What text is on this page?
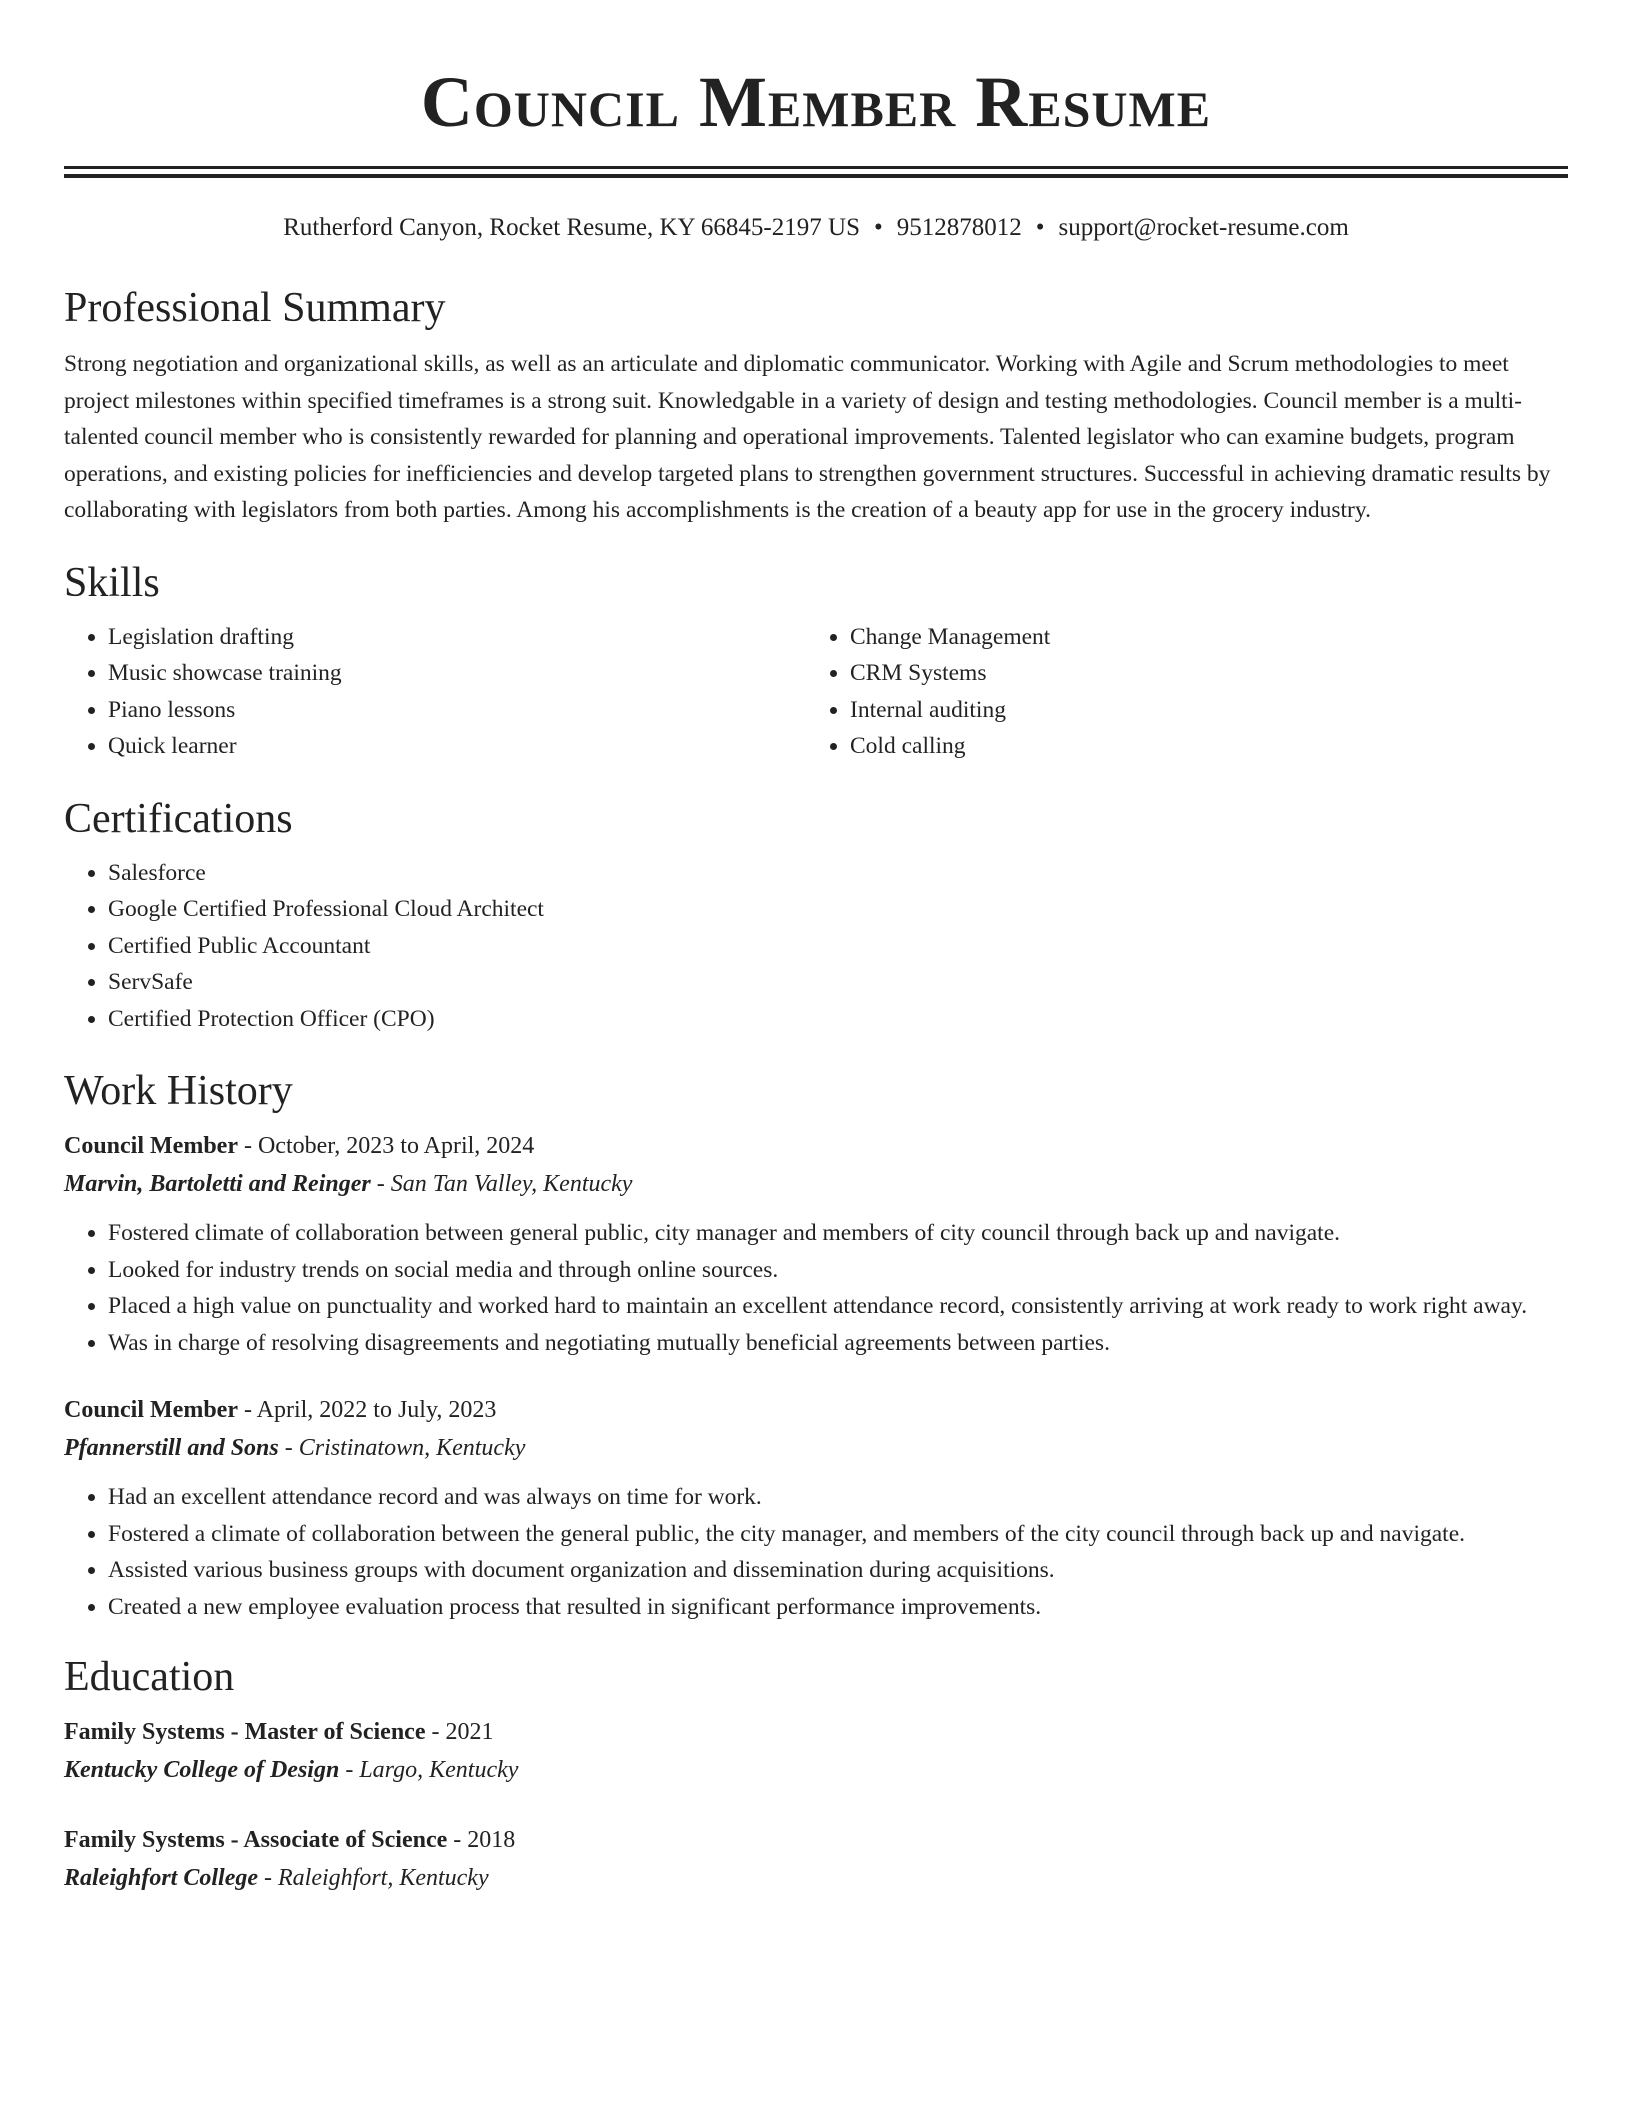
Council Member Resume
Rutherford Canyon, Rocket Resume, KY 66845-2197 US • 9512878012 • support@rocket-resume.com
Professional Summary

Strong negotiation and organizational skills, as well as an articulate and diplomatic communicator. Working with Agile and Scrum methodologies to meet project milestones within specified timeframes is a strong suit. Knowledgable in a variety of design and testing methodologies. Council member is a multi-talented council member who is consistently rewarded for planning and operational improvements. Talented legislator who can examine budgets, program operations, and existing policies for inefficiencies and develop targeted plans to strengthen government structures. Successful in achieving dramatic results by collaborating with legislators from both parties. Among his accomplishments is the creation of a beauty app for use in the grocery industry.

Skills
• Legislation drafting
• Music showcase training
• Piano lessons
• Quick learner
• Change Management
• CRM Systems
• Internal auditing
• Cold calling
Certifications
• Salesforce
• Google Certified Professional Cloud Architect
• Certified Public Accountant
• ServSafe
• Certified Protection Officer (CPO)
Work History
Council Member - October, 2023 to April, 2024
Marvin, Bartoletti and Reinger - San Tan Valley, Kentucky
• Fostered climate of collaboration between general public, city manager and members of city council through back up and navigate.
• Looked for industry trends on social media and through online sources.
• Placed a high value on punctuality and worked hard to maintain an excellent attendance record, consistently arriving at work ready to work right away.
• Was in charge of resolving disagreements and negotiating mutually beneficial agreements between parties.
Council Member - April, 2022 to July, 2023
Pfannerstill and Sons - Cristinatown, Kentucky
• Had an excellent attendance record and was always on time for work.
• Fostered a climate of collaboration between the general public, the city manager, and members of the city council through back up and navigate.
• Assisted various business groups with document organization and dissemination during acquisitions.
• Created a new employee evaluation process that resulted in significant performance improvements.
Education
Family Systems - Master of Science - 2021
Kentucky College of Design - Largo, Kentucky
Family Systems - Associate of Science - 2018
Raleighfort College - Raleighfort, Kentucky
